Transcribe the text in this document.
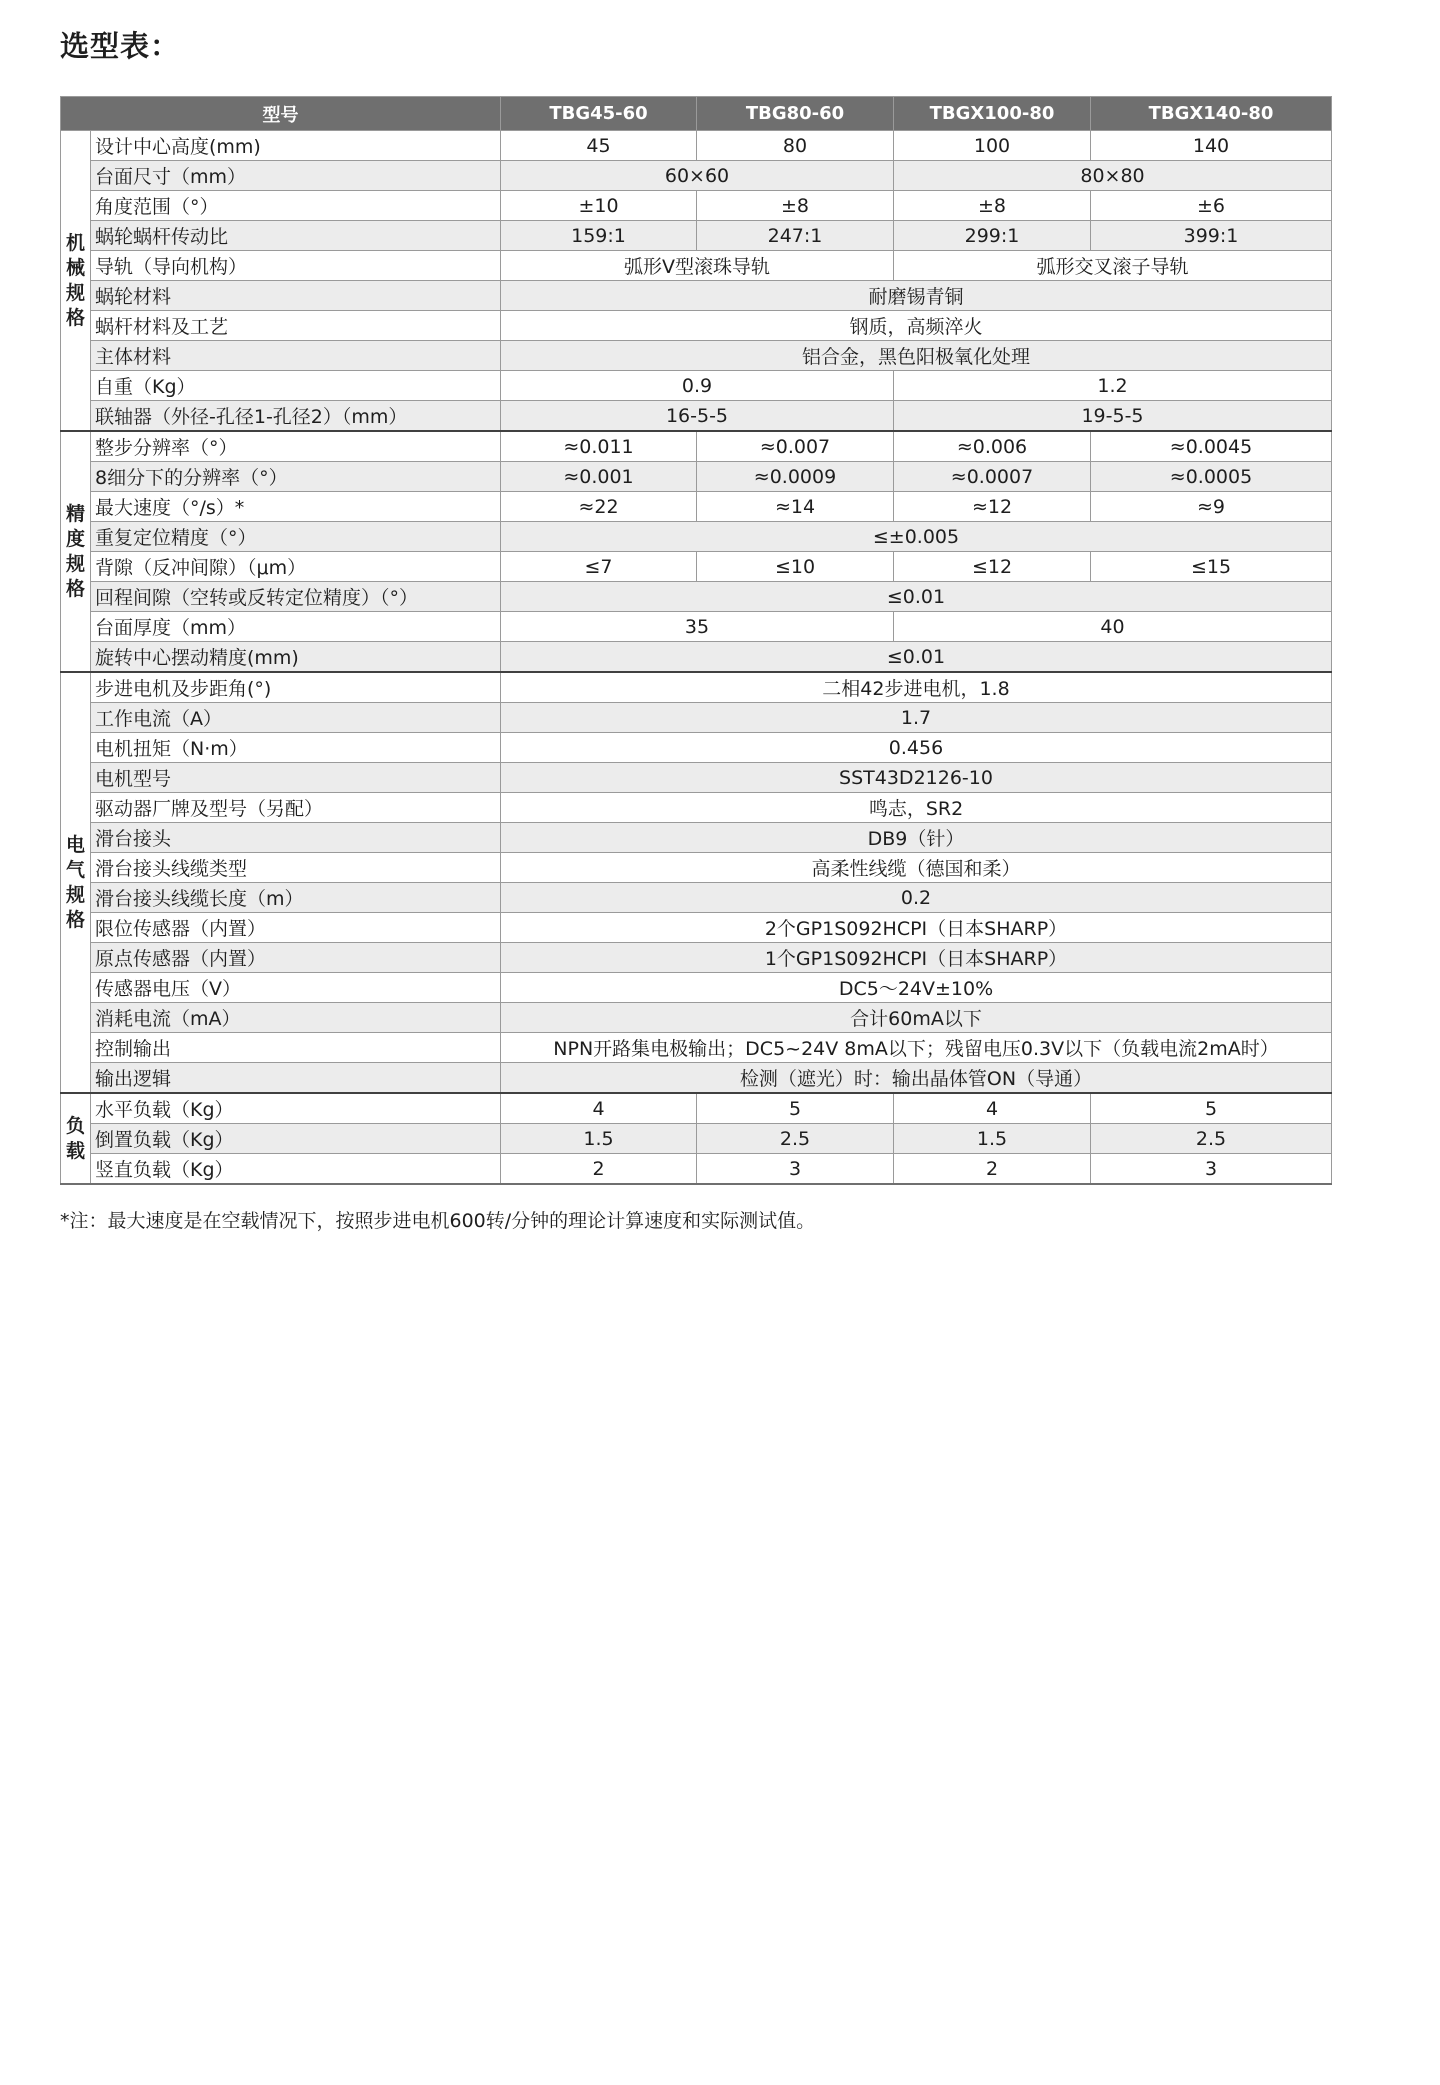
选型表：
型号		TBG45-60	TBG80-60	TBGX100-80	TBGX140-80
机械规格	设计中心高度(mm)	45	80	100	140
	台面尺寸（mm）	60×60		80×80	
	角度范围（°）	±10	±8	±8	±6
	蜗轮蜗杆传动比	159:1	247:1	299:1	399:1
	导轨（导向机构）	弧形V型滚珠导轨		弧形交叉滚子导轨	
	蜗轮材料	耐磨锡青铜			
	蜗杆材料及工艺	钢质，高频淬火			
	主体材料	铝合金，黑色阳极氧化处理			
	自重（Kg）	0.9		1.2	
	联轴器（外径-孔径1-孔径2）（mm）	16-5-5		19-5-5	
精度规格	整步分辨率（°）	≈0.011	≈0.007	≈0.006	≈0.0045
	8细分下的分辨率（°）	≈0.001	≈0.0009	≈0.0007	≈0.0005
	最大速度（°/s）*	≈22	≈14	≈12	≈9
	重复定位精度（°）	≤±0.005			
	背隙（反冲间隙）（μm）	≤7	≤10	≤12	≤15
	回程间隙（空转或反转定位精度）（°）	≤0.01			
	台面厚度（mm）	35		40	
	旋转中心摆动精度(mm)	≤0.01			
电气规格	步进电机及步距角(°)	二相42步进电机，1.8			
	工作电流（A）	1.7			
	电机扭矩（N·m）	0.456			
	电机型号	SST43D2126-10			
	驱动器厂牌及型号（另配）	鸣志，SR2			
	滑台接头	DB9（针）			
	滑台接头线缆类型	高柔性线缆（德国和柔）			
	滑台接头线缆长度（m）	0.2			
	限位传感器（内置）	2个GP1S092HCPI（日本SHARP）			
	原点传感器（内置）	1个GP1S092HCPI（日本SHARP）			
	传感器电压（V）	DC5～24V±10%			
	消耗电流（mA）	合计60mA以下			
	控制输出	NPN开路集电极输出；DC5~24V 8mA以下；残留电压0.3V以下（负载电流2mA时）			
	输出逻辑	检测（遮光）时：输出晶体管ON（导通）			
负载	水平负载（Kg）	4	5	4	5
	倒置负载（Kg）	1.5	2.5	1.5	2.5
	竖直负载（Kg）	2	3	2	3
*注：最大速度是在空载情况下，按照步进电机600转/分钟的理论计算速度和实际测试值。
